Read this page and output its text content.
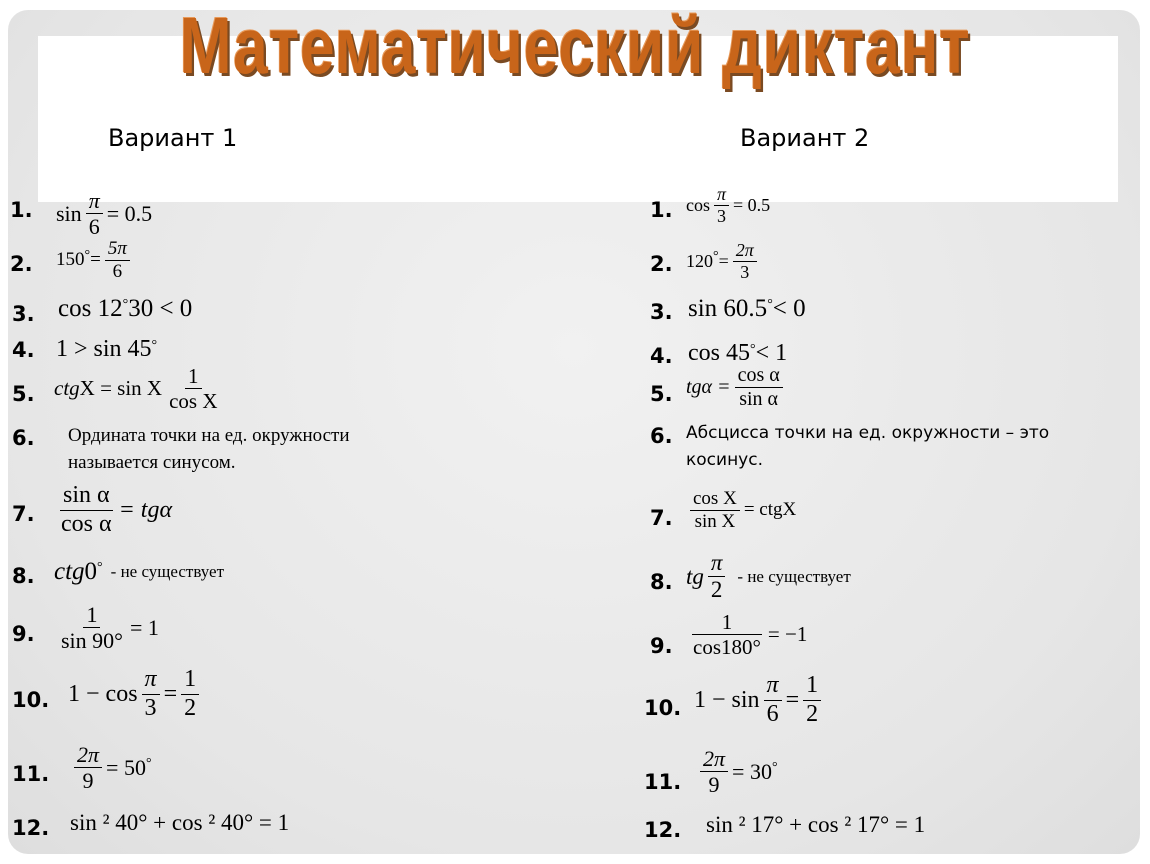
Математический диктант
Вариант 1	Вариант 2
1. $\sin \frac{\pi}{6} = 0.5$
2. 150 ° = $\frac{5\pi}{6}$
3. cos 12 ° 30 < 0
4. 1 > sin 45 °
5. ctg X = sin X $\frac{1}{\text{cos X}}$
6. Ордината точки на ед. окружности
называется синусом.
7. $\frac{\text{sin α}}{\text{cos α}} = tg\alpha$
8. ctg 0 ° - не существует
9. $\frac{1}{\sin 90^\circ} = 1$
10. $1 - \cos \frac{\pi}{3} = \frac{1}{2}$
11. $\frac{2\pi}{9} = 50$ °
12. sin ² 40° + cos ² 40° = 1
1. $\cos \frac{\pi}{3} = 0.5$
2. 120 ° = $\frac{2\pi}{3}$
3. sin 60.5 ° < 0
4. cos 45 ° < 1
5. $tg\alpha = \frac{\text{cos α}}{\text{sin α}}$
6. Абсцисса точки на ед. окружности – это
косинус.
7. $\frac{\text{cos X}}{\text{sin X}}$ = ctgX
8. tg $\frac{\pi}{2}$ - не существует
9. $\frac{1}{\cos 180^\circ} = -1$
10. $1 - \sin \frac{\pi}{6} = \frac{1}{2}$
11. $\frac{2\pi}{9} = 30$ °
12. sin ² 17° + cos ² 17° = 1
